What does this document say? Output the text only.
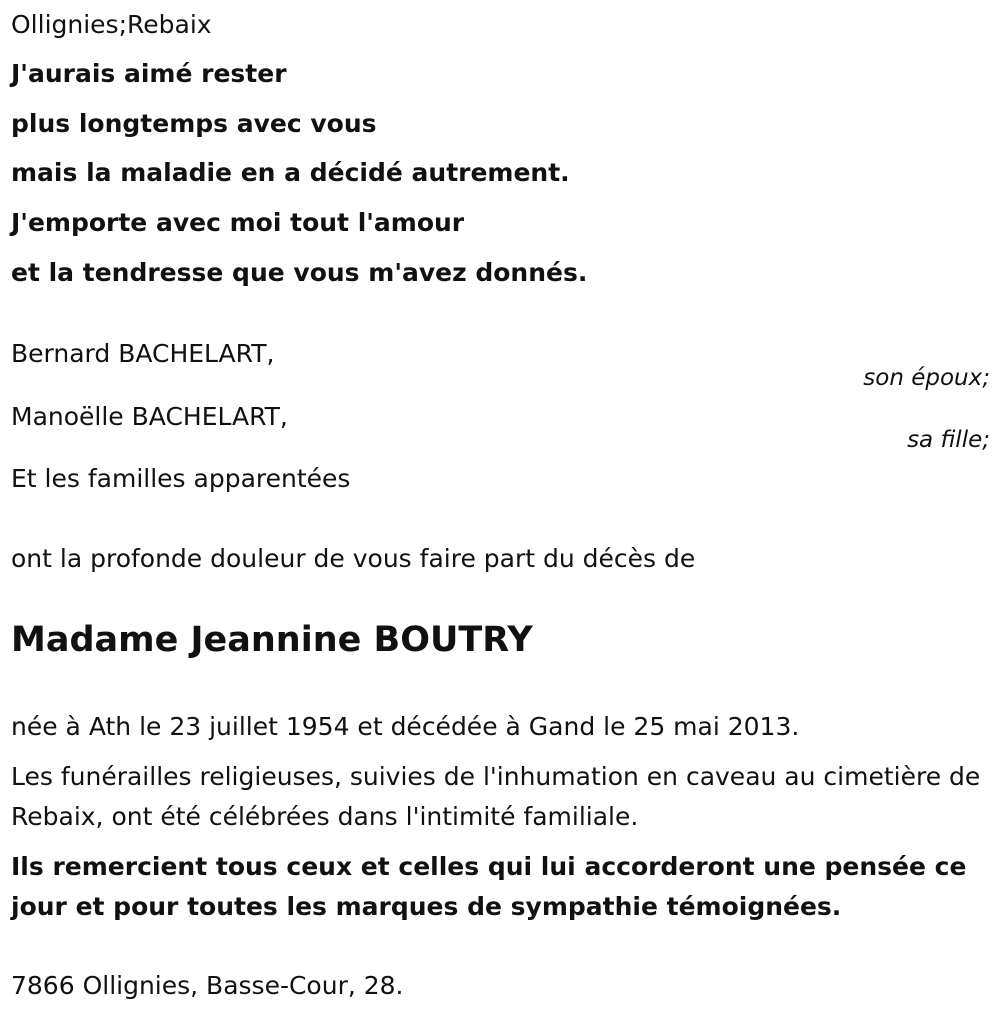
Ollignies;Rebaix
J'aurais aimé rester
plus longtemps avec vous
mais la maladie en a décidé autrement.
J'emporte avec moi tout l'amour
et la tendresse que vous m'avez donnés.
Bernard BACHELART,
son époux;
Manoëlle BACHELART,
sa fille;
Et les familles apparentées
ont la profonde douleur de vous faire part du décès de
Madame Jeannine BOUTRY
née à Ath le 23 juillet 1954 et décédée à Gand le 25 mai 2013.
Les funérailles religieuses, suivies de l'inhumation en caveau au cimetière de Rebaix, ont été célébrées dans l'intimité familiale.
Ils remercient tous ceux et celles qui lui accorderont une pensée ce jour et pour toutes les marques de sympathie témoignées.
7866 Ollignies, Basse-Cour, 28.
